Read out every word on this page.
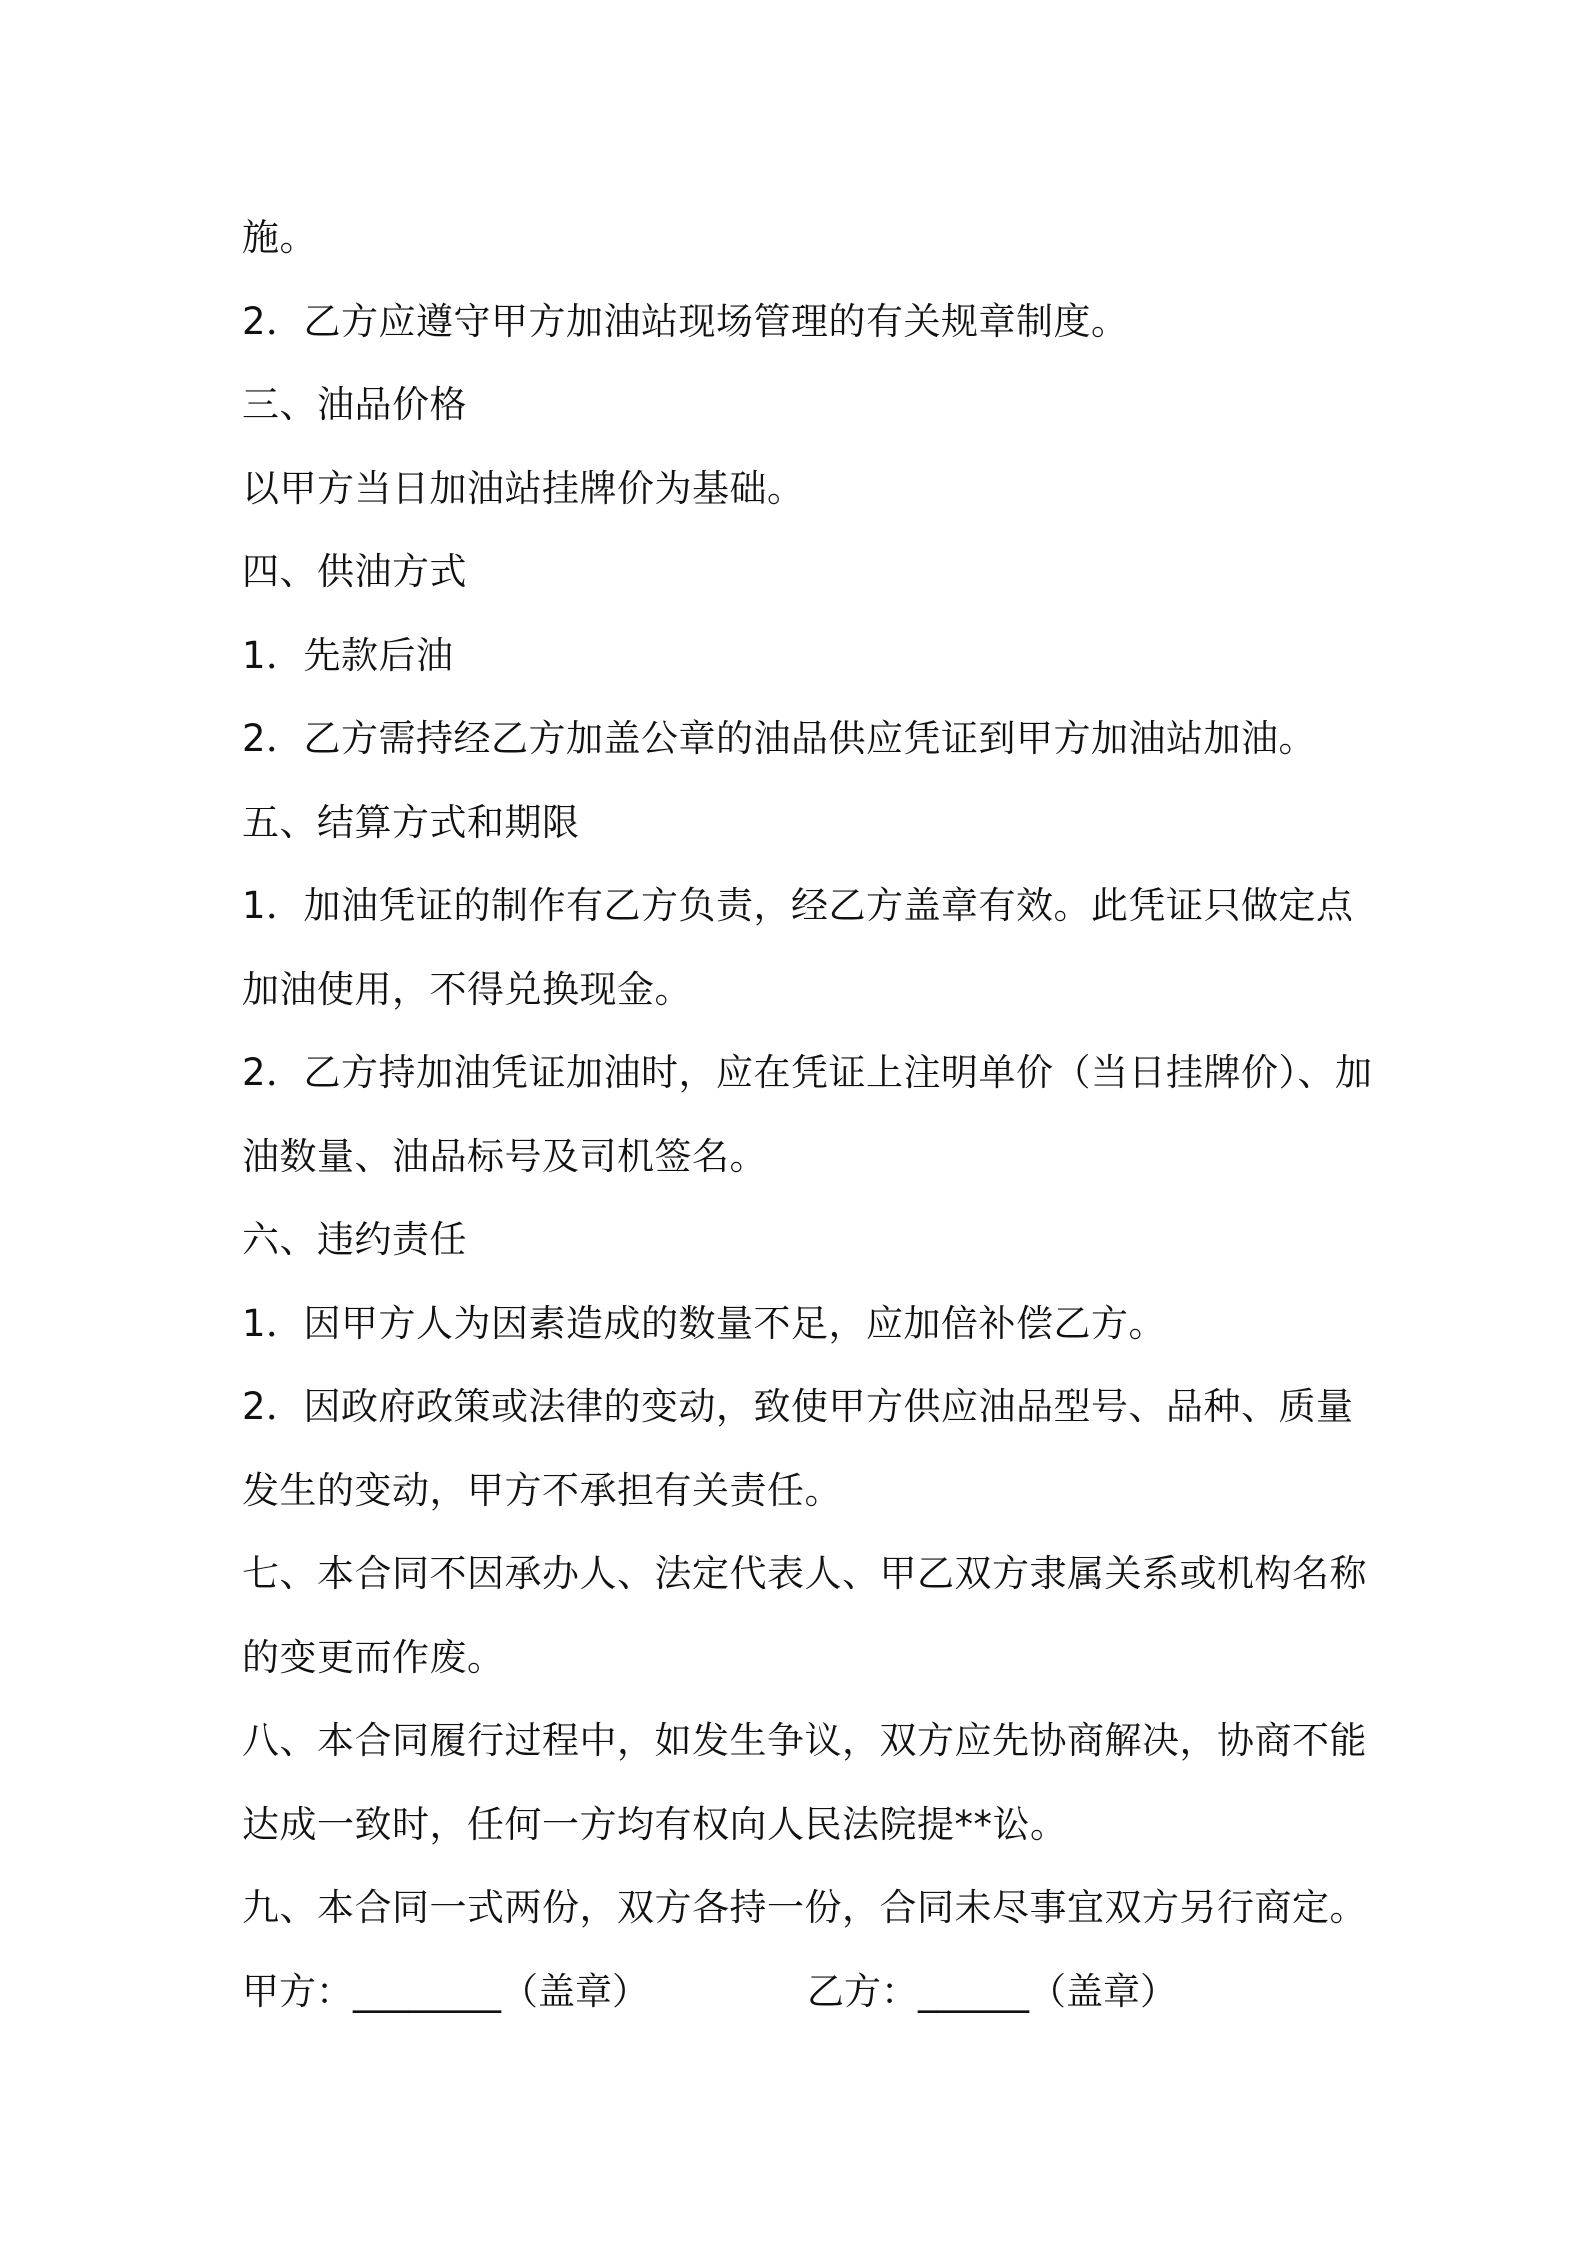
施。
2．乙方应遵守甲方加油站现场管理的有关规章制度。
三、油品价格
以甲方当日加油站挂牌价为基础。
四、供油方式
1．先款后油
2．乙方需持经乙方加盖公章的油品供应凭证到甲方加油站加油。
五、结算方式和期限
1．加油凭证的制作有乙方负责，经乙方盖章有效。此凭证只做定点
加油使用，不得兑换现金。
2．乙方持加油凭证加油时，应在凭证上注明单价（当日挂牌价）、加
油数量、油品标号及司机签名。
六、违约责任
1．因甲方人为因素造成的数量不足，应加倍补偿乙方。
2．因政府政策或法律的变动，致使甲方供应油品型号、品种、质量
发生的变动，甲方不承担有关责任。
七、本合同不因承办人、法定代表人、甲乙双方隶属关系或机构名称
的变更而作废。
八、本合同履行过程中，如发生争议，双方应先协商解决，协商不能
达成一致时，任何一方均有权向人民法院提**讼。
九、本合同一式两份，双方各持一份，合同未尽事宜双方另行商定。
甲方：________（盖章）	乙方：______（盖章）
